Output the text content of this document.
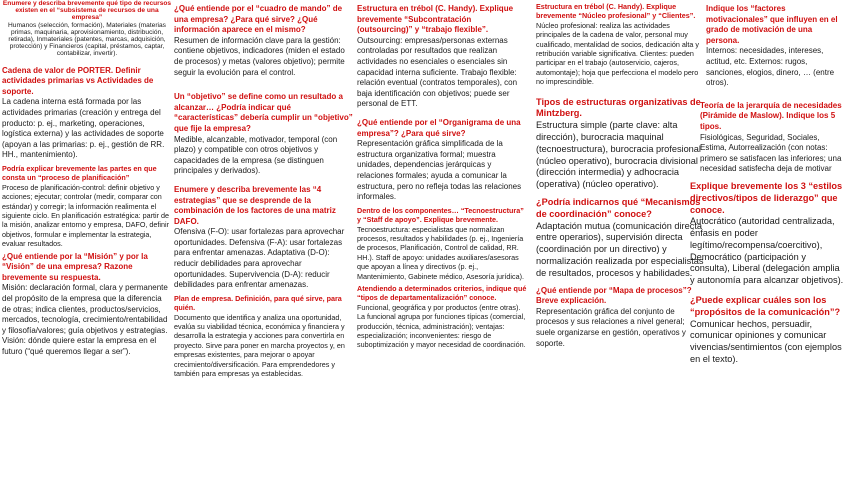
Enumere y describa brevemente qué tipo de recursos existen en el “subsistema de recursos de una empresa”

Humanos (selección, formación), Materiales (materias primas, maquinaria, aprovisionamiento, distribución, retirada), Inmateriales (patentes, marcas, adquisición, protección) y Financieros (capital, préstamos, captar, contabilizar, invertir).

Cadena de valor de PORTER. Definir actividades primarias vs Actividades de soporte.

La cadena interna está formada por las actividades primarias (creación y entrega del producto: p. ej., marketing, operaciones, logística externa) y las actividades de soporte (apoyan a las primarias: p. ej., gestión de RR. HH., mantenimiento).

Podría explicar brevemente las partes en que consta un “proceso de planificación”

Proceso de planificación-control: definir objetivo y acciones; ejecutar; controlar (medir, comparar con estándar) y corregir; la información realimenta el siguiente ciclo. En planificación estratégica: partir de la misión, analizar entorno y empresa, DAFO, definir objetivos, formular e implementar la estrategia, evaluar resultados.

¿Qué entiende por la “Misión” y por la “Visión” de una empresa? Razone brevemente su respuesta.

Misión: declaración formal, clara y permanente del propósito de la empresa que la diferencia de otras; indica clientes, productos/servicios, mercados, tecnología, crecimiento/rentabilidad y filosofía/valores; guía objetivos y estrategias. Visión: dónde quiere estar la empresa en el futuro (“qué queremos llegar a ser”).

¿Qué entiende por el “cuadro de mando” de una empresa? ¿Para qué sirve? ¿Qué información aparece en el mismo?

Resumen de información clave para la gestión: contiene objetivos, indicadores (miden el estado de procesos) y metas (valores objetivo); permite seguir la evolución para el control.

Un “objetivo” se define como un resultado a alcanzar… ¿Podría indicar qué “características” debería cumplir un “objetivo” que fije la empresa?

Medible, alcanzable, motivador, temporal (con plazo) y compatible con otros objetivos y capacidades de la empresa (se distinguen principales y derivados).

Enumere y describa brevemente las “4 estrategias” que se desprende de la combinación de los factores de una matriz DAFO.

Ofensiva (F-O): usar fortalezas para aprovechar oportunidades. Defensiva (F-A): usar fortalezas para enfrentar amenazas. Adaptativa (D-O): reducir debilidades para aprovechar oportunidades. Supervivencia (D-A): reducir debilidades para enfrentar amenazas.

Plan de empresa. Definición, para qué sirve, para quién.

Documento que identifica y analiza una oportunidad, evalúa su viabilidad técnica, económica y financiera y desarrolla la estrategia y acciones para convertirla en proyecto. Sirve para poner en marcha proyectos y, en empresas existentes, para mejorar o apoyar crecimiento/diversificación. Para emprendedores y también para empresas ya establecidas.

Estructura en trébol (C. Handy). Explique brevemente “Subcontratación (outsourcing)” y “trabajo flexible”.

Outsourcing: empresas/personas externas controladas por resultados que realizan actividades no esenciales o esenciales sin capacidad interna suficiente. Trabajo flexible: relación eventual (contratos temporales), con baja identificación con objetivos; puede ser personal de ETT.

¿Qué entiende por el “Organigrama de una empresa”? ¿Para qué sirve?

Representación gráfica simplificada de la estructura organizativa formal; muestra unidades, dependencias jerárquicas y relaciones formales; ayuda a comunicar la estructura, pero no refleja todas las relaciones informales.

Dentro de los componentes… “Tecnoestructura” y “Staff de apoyo”. Explique brevemente.

Tecnoestructura: especialistas que normalizan procesos, resultados y habilidades (p. ej., Ingeniería de procesos, Planificación, Control de calidad, RR. HH.). Staff de apoyo: unidades auxiliares/asesoras que apoyan a línea y directivos (p. ej., Mantenimiento, Gabinete médico, Asesoría jurídica).

Atendiendo a determinados criterios, indique qué “tipos de departamentalización” conoce.

Funcional, geográfica y por productos (entre otras). La funcional agrupa por funciones típicas (comercial, producción, técnica, administración); ventajas: especialización; inconvenientes: riesgo de suboptimización y mayor necesidad de coordinación.

Estructura en trébol (C. Handy). Explique brevemente “Núcleo profesional” y “Clientes”.

Núcleo profesional: realiza las actividades principales de la cadena de valor, personal muy cualificado, mentalidad de socios, dedicación alta y retribución variable significativa. Clientes: pueden participar en el trabajo (autoservicio, cajeros, automontaje); hoja que perfecciona el modelo pero no imprescindible.

Tipos de estructuras organizativas de Mintzberg.

Estructura simple (parte clave: alta dirección), burocracia maquinal (tecnoestructura), burocracia profesional (núcleo operativo), burocracia divisional (dirección intermedia) y adhocracia (operativa) (núcleo operativo).

¿Podría indicarnos qué “Mecanismos de coordinación” conoce?

Adaptación mutua (comunicación directa entre operarios), supervisión directa (coordinación por un directivo) y normalización realizada por especialistas de resultados, procesos y habilidades.

¿Qué entiende por “Mapa de procesos”? Breve explicación.

Representación gráfica del conjunto de procesos y sus relaciones a nivel general; suele organizarse en gestión, operativos y soporte.

Indique los “factores motivacionales” que influyen en el grado de motivación de una persona.

Internos: necesidades, intereses, actitud, etc. Externos: rugos, sanciones, elogios, dinero, … (entre otros).

Teoría de la jerarquía de necesidades (Pirámide de Maslow). Indique los 5 tipos.

Fisiológicas, Seguridad, Sociales, Estima, Autorrealización (con notas: primero se satisfacen las inferiores; una necesidad satisfecha deja de motivar

Explique brevemente los 3 “estilos directivos/tipos de liderazgo” que conoce.

Autocrático (autoridad centralizada, énfasis en poder legítimo/recompensa/coercitivo), Democrático (participación y consulta), Liberal (delegación amplia y autonomía para alcanzar objetivos).

¿Puede explicar cuáles son los “propósitos de la comunicación”?

Comunicar hechos, persuadir, comunicar opiniones y comunicar vivencias/sentimientos (con ejemplos en el texto).
